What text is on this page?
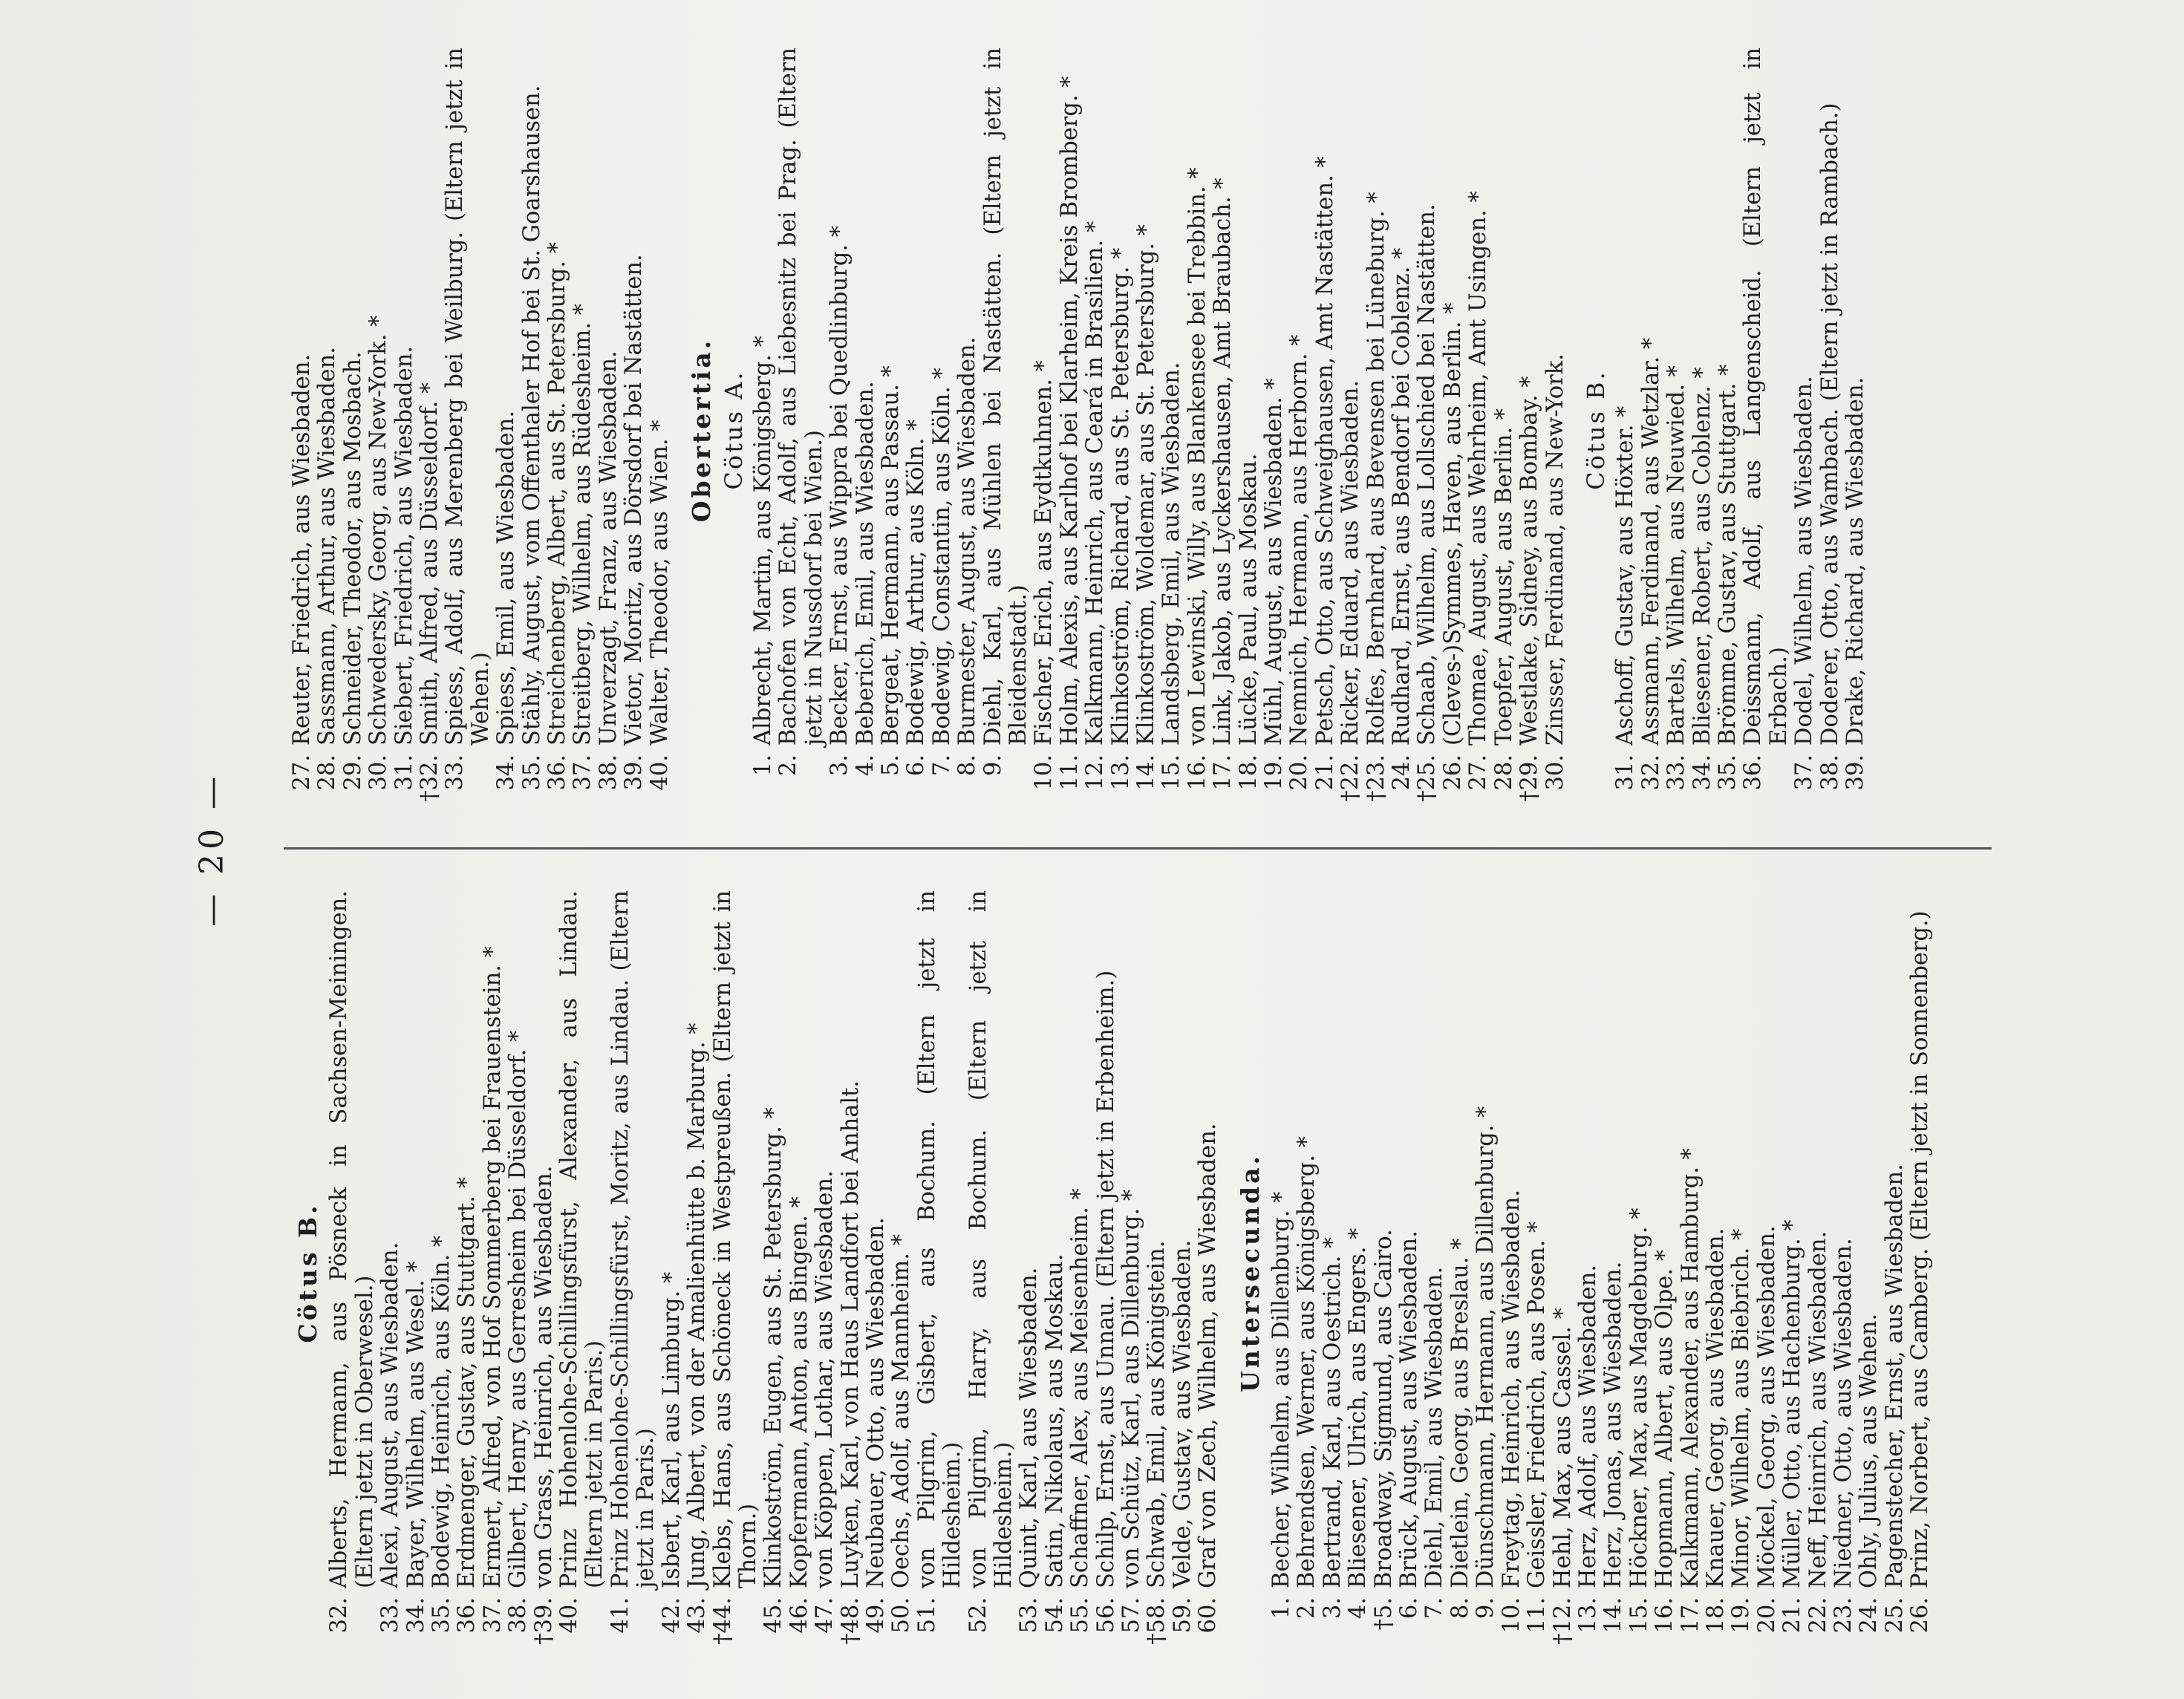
— 20 —
Cötus B.
32.
Alberts, Hermann, aus Pösneck in Sachsen-Meiningen. (Eltern jetzt in Oberwesel.)
33.
Alexi, August, aus Wiesbaden.
34.
Bayer, Wilhelm, aus Wesel. *
35.
Bodewig, Heinrich, aus Köln. *
36.
Erdmenger, Gustav, aus Stuttgart. *
37.
Ermert, Alfred, von Hof Sommerberg bei Frauenstein. *
38.
Gilbert, Henry, aus Gerresheim bei Düsseldorf. *
†39.
von Grass, Heinrich, aus Wiesbaden.
40.
Prinz Hohenlohe-Schillingsfürst, Alexander, aus Lindau. (Eltern jetzt in Paris.)
41.
Prinz Hohenlohe-Schillingsfürst, Moritz, aus Lindau. (Eltern jetzt in Paris.)
42.
Isbert, Karl, aus Limburg. *
43.
Jung, Albert, von der Amalienhütte b. Marburg. *
†44.
Klebs, Hans, aus Schöneck in Westpreußen. (Eltern jetzt in Thorn.)
45.
Klinkoström, Eugen, aus St. Petersburg. *
46.
Kopfermann, Anton, aus Bingen. *
47.
von Köppen, Lothar, aus Wiesbaden.
†48.
Luyken, Karl, von Haus Landfort bei Anhalt.
49.
Neubauer, Otto, aus Wiesbaden.
50.
Oechs, Adolf, aus Mannheim. *
51.
von Pilgrim, Gisbert, aus Bochum. (Eltern jetzt in Hildesheim.)
52.
von Pilgrim, Harry, aus Bochum. (Eltern jetzt in Hildesheim.)
53.
Quint, Karl, aus Wiesbaden.
54.
Satin, Nikolaus, aus Moskau.
55.
Schaffner, Alex, aus Meisenheim. *
56.
Schilp, Ernst, aus Unnau. (Eltern jetzt in Erbenheim.)
57.
von Schütz, Karl, aus Dillenburg. *
†58.
Schwab, Emil, aus Königstein.
59.
Velde, Gustav, aus Wiesbaden.
60.
Graf von Zech, Wilhelm, aus Wiesbaden. Untersecunda.
1.
Becher, Wilhelm, aus Dillenburg. *
2.
Behrendsen, Werner, aus Königsberg. *
3.
Bertrand, Karl, aus Oestrich. *
4.
Bliesener, Ulrich, aus Engers. *
†5.
Broadway, Sigmund, aus Cairo.
6.
Brück, August, aus Wiesbaden.
7.
Diehl, Emil, aus Wiesbaden.
8.
Dietlein, Georg, aus Breslau. *
9.
Dünschmann, Hermann, aus Dillenburg. *
10.
Freytag, Heinrich, aus Wiesbaden.
11.
Geissler, Friedrich, aus Posen. *
†12.
Hehl, Max, aus Cassel. *
13.
Herz, Adolf, aus Wiesbaden.
14.
Herz, Jonas, aus Wiesbaden.
15.
Höckner, Max, aus Magdeburg. *
16.
Hopmann, Albert, aus Olpe. *
17.
Kalkmann, Alexander, aus Hamburg. *
18.
Knauer, Georg, aus Wiesbaden.
19.
Minor, Wilhelm, aus Biebrich. *
20.
Möckel, Georg, aus Wiesbaden.
21.
Müller, Otto, aus Hachenburg. *
22.
Neff, Heinrich, aus Wiesbaden.
23.
Niedner, Otto, aus Wiesbaden.
24.
Ohly, Julius, aus Wehen.
25.
Pagenstecher, Ernst, aus Wiesbaden.
26.
Prinz, Norbert, aus Camberg. (Eltern jetzt in Sonnenberg.)
27.
Reuter, Friedrich, aus Wiesbaden.
28.
Sassmann, Arthur, aus Wiesbaden.
29.
Schneider, Theodor, aus Mosbach.
30.
Schwedersky, Georg, aus New-York. *
31.
Siebert, Friedrich, aus Wiesbaden.
†32.
Smith, Alfred, aus Düsseldorf. *
33.
Spiess, Adolf, aus Merenberg bei Weilburg. (Eltern jetzt in Wehen.)
34.
Spiess, Emil, aus Wiesbaden.
35.
Stähly, August, vom Offenthaler Hof bei St. Goarshausen.
36.
Streichenberg, Albert, aus St. Petersburg. *
37.
Streitberg, Wilhelm, aus Rüdesheim. *
38.
Unverzagt, Franz, aus Wiesbaden.
39.
Vietor, Moritz, aus Dörsdorf bei Nastätten.
40.
Walter, Theodor, aus Wien. * Obertertia. Cötus A.
1.
Albrecht, Martin, aus Königsberg. *
2.
Bachofen von Echt, Adolf, aus Liebesnitz bei Prag. (Eltern jetzt in Nussdorf bei Wien.)
3.
Becker, Ernst, aus Wippra bei Quedlinburg. *
4.
Beberich, Emil, aus Wiesbaden.
5.
Bergeat, Hermann, aus Passau. *
6.
Bodewig, Arthur, aus Köln. *
7.
Bodewig, Constantin, aus Köln. *
8.
Burmester, August, aus Wiesbaden.
9.
Diehl, Karl, aus Mühlen bei Nastätten. (Eltern jetzt in Bleidenstadt.)
10.
Fischer, Erich, aus Eydtkuhnen. *
11.
Holm, Alexis, aus Karlhof bei Klarheim, Kreis Bromberg. *
12.
Kalkmann, Heinrich, aus Ceará in Brasilien. *
13.
Klinkoström, Richard, aus St. Petersburg. *
14.
Klinkoström, Woldemar, aus St. Petersburg. *
15.
Landsberg, Emil, aus Wiesbaden.
16.
von Lewinski, Willy, aus Blankensee bei Trebbin. *
17.
Link, Jakob, aus Lyckershausen, Amt Braubach. *
18.
Lücke, Paul, aus Moskau.
19.
Mühl, August, aus Wiesbaden. *
20.
Nemnich, Hermann, aus Herborn. *
21.
Petsch, Otto, aus Schweighausen, Amt Nastätten. *
†22.
Ricker, Eduard, aus Wiesbaden.
†23.
Rolfes, Bernhard, aus Bevensen bei Lüneburg. *
24.
Rudhard, Ernst, aus Bendorf bei Coblenz. *
†25.
Schaab, Wilhelm, aus Lollschied bei Nastätten.
26.
(Cleves-)Symmes, Haven, aus Berlin. *
27.
Thomae, August, aus Wehrheim, Amt Usingen. *
28.
Toepfer, August, aus Berlin. *
†29.
Westlake, Sidney, aus Bombay. *
30.
Zinsser, Ferdinand, aus New-York. Cötus B.
31.
Aschoff, Gustav, aus Höxter. *
32.
Assmann, Ferdinand, aus Wetzlar. *
33.
Bartels, Wilhelm, aus Neuwied. *
34.
Bliesener, Robert, aus Coblenz. *
35.
Brömme, Gustav, aus Stuttgart. *
36.
Deissmann, Adolf, aus Langenscheid. (Eltern jetzt in Erbach.)
37.
Dodel, Wilhelm, aus Wiesbaden.
38.
Doderer, Otto, aus Wambach. (Eltern jetzt in Rambach.)
39.
Drake, Richard, aus Wiesbaden.
